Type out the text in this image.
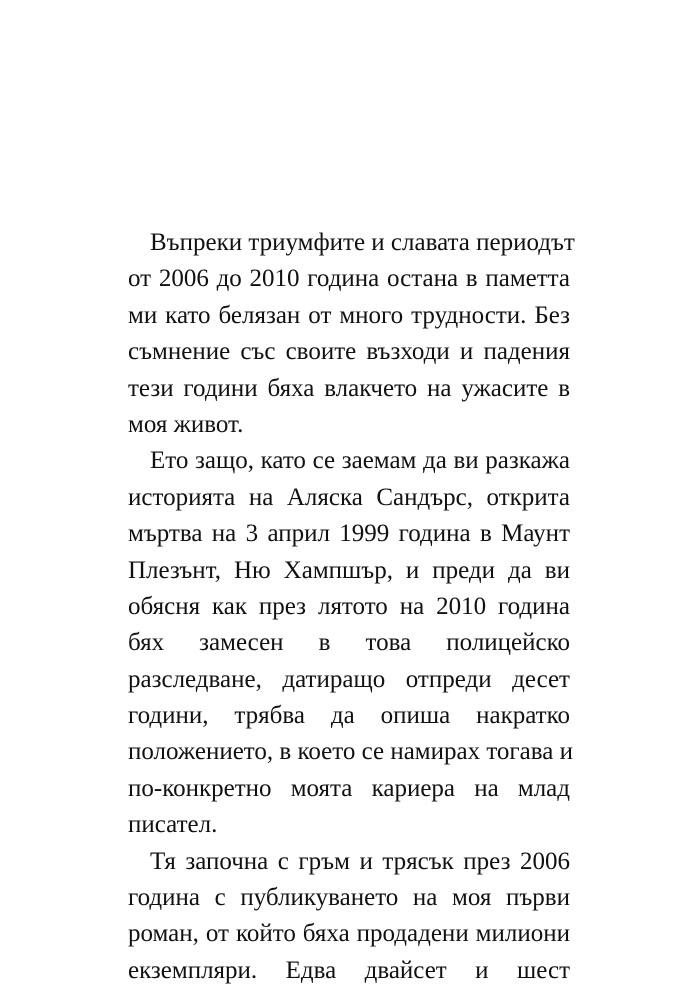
Въпреки триумфите и славата периодът
от 2006 до 2010 година остана в паметта
ми като белязан от много трудности. Без
съмнение със своите възходи и падения
тези години бяха влакчето на ужасите в
моя живот.
Ето защо, като се заемам да ви разкажа
историята на Аляска Сандърс, открита
мъртва на 3 април 1999 година в Маунт
Плезънт, Ню Хампшър, и преди да ви
обясня как през лятото на 2010 година
бях замесен в това полицейско
разследване, датиращо отпреди десет
години, трябва да опиша накратко
положението, в което се намирах тогава и
по-конкретно моята кариера на млад
писател.
Тя започна с гръм и трясък през 2006
година с публикуването на моя първи
роман, от който бяха продадени милиони
екземпляри. Едва двайсет и шест
